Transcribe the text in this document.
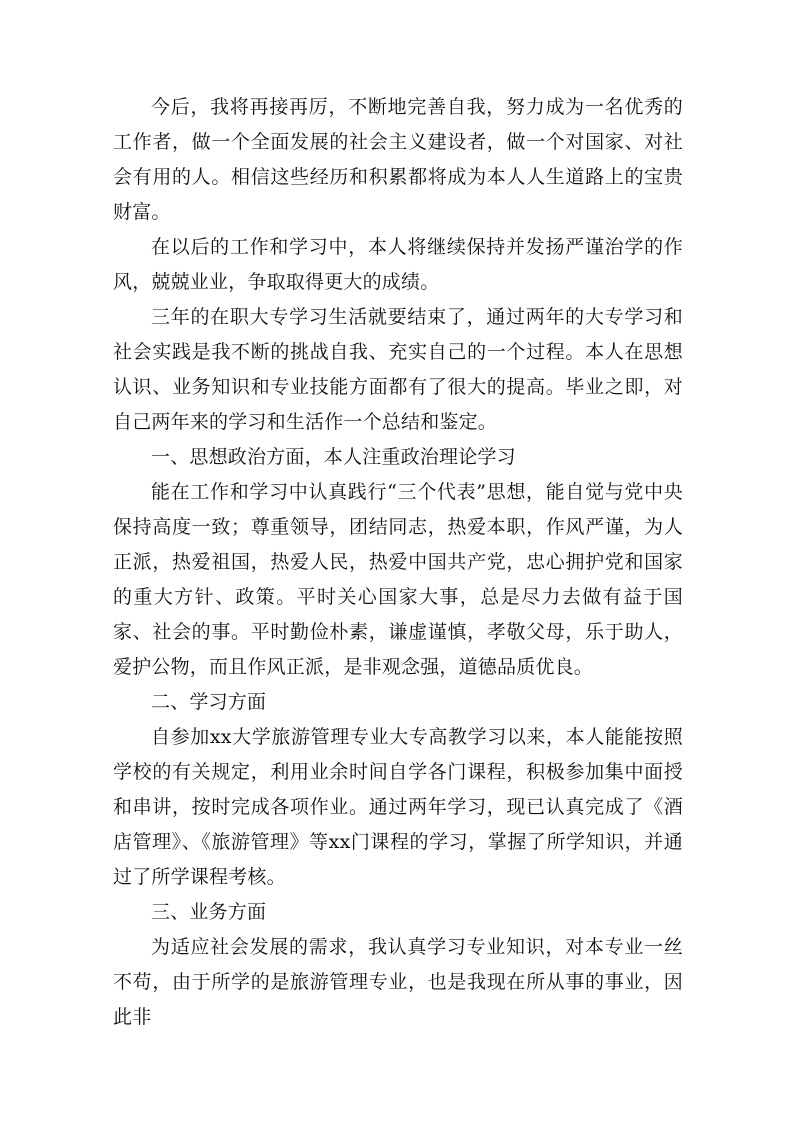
今后，我将再接再厉，不断地完善自我，努力成为一名优秀的工作者，做一个全面发展的社会主义建设者，做一个对国家、对社会有用的人。相信这些经历和积累都将成为本人人生道路上的宝贵财富。

在以后的工作和学习中，本人将继续保持并发扬严谨治学的作风，兢兢业业，争取取得更大的成绩。

三年的在职大专学习生活就要结束了，通过两年的大专学习和社会实践是我不断的挑战自我、充实自己的一个过程。本人在思想认识、业务知识和专业技能方面都有了很大的提高。毕业之即，对自己两年来的学习和生活作一个总结和鉴定。

一、思想政治方面，本人注重政治理论学习

能在工作和学习中认真践行“三个代表”思想，能自觉与党中央保持高度一致；尊重领导，团结同志，热爱本职，作风严谨，为人正派，热爱祖国，热爱人民，热爱中国共产党，忠心拥护党和国家的重大方针、政策。平时关心国家大事，总是尽力去做有益于国家、社会的事。平时勤俭朴素，谦虚谨慎，孝敬父母，乐于助人，爱护公物，而且作风正派，是非观念强，道德品质优良。

二、学习方面

自参加xx大学旅游管理专业大专高教学习以来，本人能能按照学校的有关规定，利用业余时间自学各门课程，积极参加集中面授和串讲，按时完成各项作业。通过两年学习，现已认真完成了《酒店管理》、《旅游管理》等xx门课程的学习，掌握了所学知识，并通过了所学课程考核。

三、业务方面

为适应社会发展的需求，我认真学习专业知识，对本专业一丝不苟，由于所学的是旅游管理专业，也是我现在所从事的事业，因此非
